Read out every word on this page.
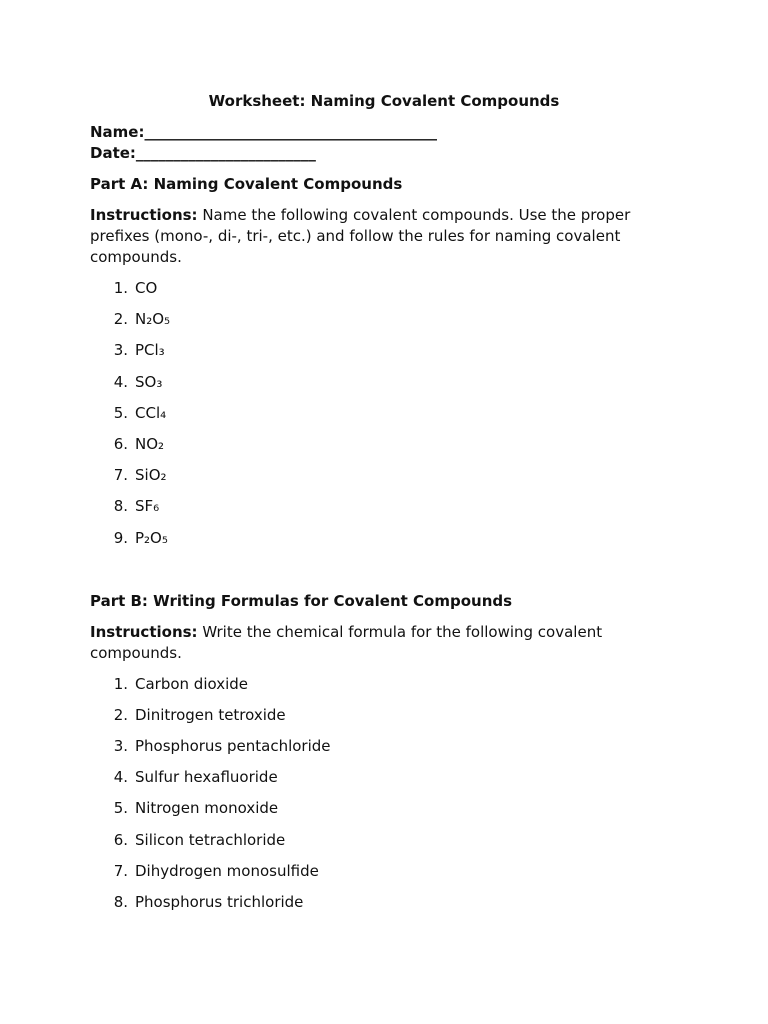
Worksheet: Naming Covalent Compounds

Name:_______________________________________

Date:________________________

Part A: Naming Covalent Compounds

Instructions: Name the following covalent compounds. Use the proper prefixes (mono-, di-, tri-, etc.) and follow the rules for naming covalent compounds.

1. CO
2. N₂O₅
3. PCl₃
4. SO₃
5. CCl₄
6. NO₂
7. SiO₂
8. SF₆
9. P₂O₅
Part B: Writing Formulas for Covalent Compounds

Instructions: Write the chemical formula for the following covalent compounds.

1. Carbon dioxide
2. Dinitrogen tetroxide
3. Phosphorus pentachloride
4. Sulfur hexafluoride
5. Nitrogen monoxide
6. Silicon tetrachloride
7. Dihydrogen monosulfide
8. Phosphorus trichloride
